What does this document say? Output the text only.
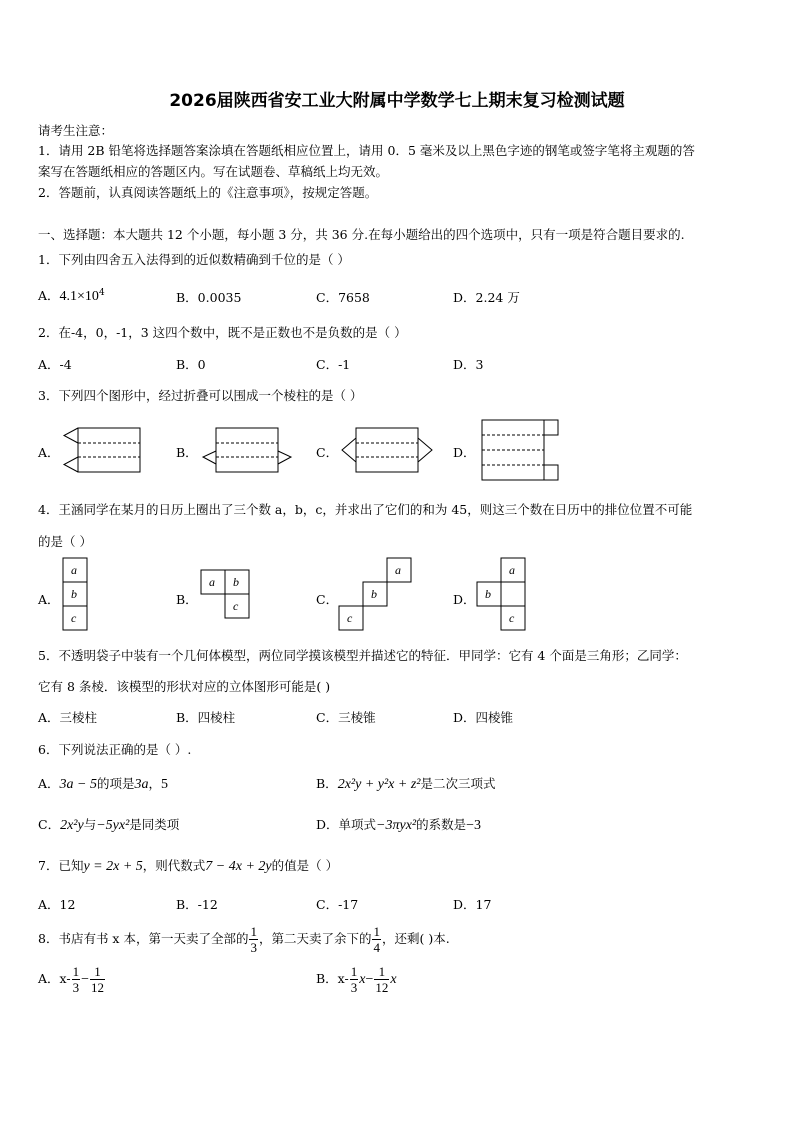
2026届陕西省安工业大附属中学数学七上期末复习检测试题
请考生注意：
1．请用 2B 铅笔将选择题答案涂填在答题纸相应位置上，请用 0．5 毫米及以上黑色字迹的钢笔或签字笔将主观题的答
案写在答题纸相应的答题区内。写在试题卷、草稿纸上均无效。
2．答题前，认真阅读答题纸上的《注意事项》，按规定答题。
一、选择题：本大题共 12 个小题，每小题 3 分，共 36 分.在每小题给出的四个选项中，只有一项是符合题目要求的.
1．下列由四舍五入法得到的近似数精确到千位的是（ ）
A．$4.1\times 10^4$	B．0.0035	C．7658	D．2.24 万
2．在-4，0，-1，3 这四个数中，既不是正数也不是负数的是（ ）
A．-4	B．0	C．-1	D．3
3．下列四个图形中，经过折叠可以围成一个棱柱的是（ ）
A．	B．	C．	D．
4．王涵同学在某月的日历上圈出了三个数 a，b，c，并求出了它们的和为 45，则这三个数在日历中的排位位置不可能
的是（ ）
A．	B．	C．	D．
a
b
c
a b
c
a
b
c
a
b
c
5．不透明袋子中装有一个几何体模型，两位同学摸该模型并描述它的特征．甲同学：它有 4 个面是三角形；乙同学：
它有 8 条棱．该模型的形状对应的立体图形可能是( )
A．三棱柱	B．四棱柱	C．三棱锥	D．四棱锥
6．下列说法正确的是（ ）.
A．3a − 5的项是3a，5	B．2x²y + y²x + z²是二次三项式
C．2x²y与−5yx²是同类项	D．单项式−3πyx²的系数是−3
7．已知y = 2x + 5，则代数式7 − 4x + 2y的值是（ ）
A．12	B．-12	C．-17	D．17
8．书店有书 x 本，第一天卖了全部的 $\frac{1}{3}$ ，第二天卖了余下的 $\frac{1}{4}$ ，还剩( )本.
A．$x- \frac{1}{3} - \frac{1}{12}$	B．$x- \frac{1}{3} x- \frac{1}{12}$ x
